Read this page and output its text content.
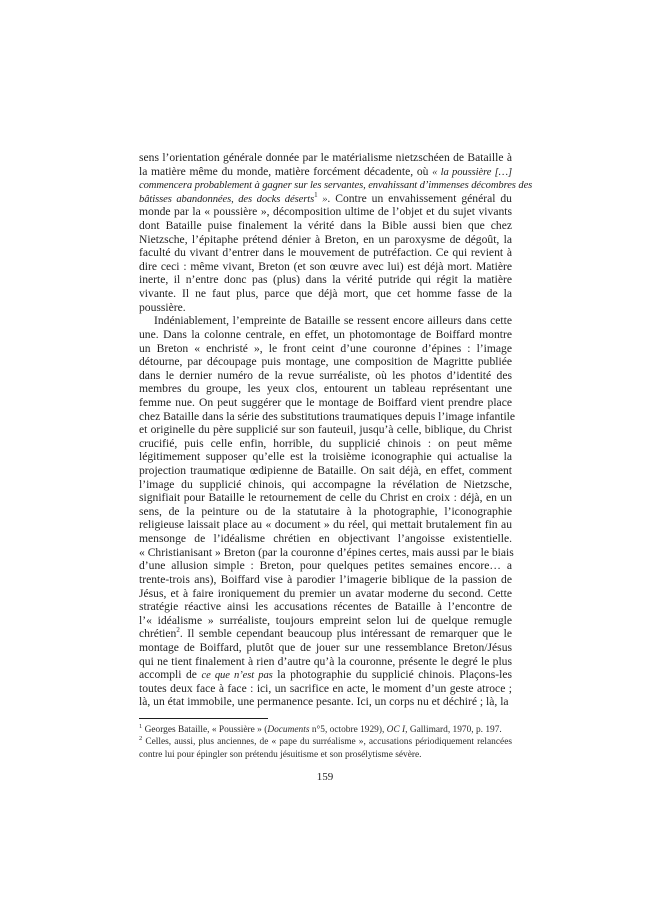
sens l’orientation générale donnée par le matérialisme nietzschéen de Bataille à
la matière même du monde, matière forcément décadente, où « la poussière […]
commencera probablement à gagner sur les servantes, envahissant d’immenses décombres des
bâtisses abandonnées, des docks déserts$^1$ ». Contre un envahissement général du
monde par la « poussière », décomposition ultime de l’objet et du sujet vivants
dont Bataille puise finalement la vérité dans la Bible aussi bien que chez
Nietzsche, l’épitaphe prétend dénier à Breton, en un paroxysme de dégoût, la
faculté du vivant d’entrer dans le mouvement de putréfaction. Ce qui revient à
dire ceci : même vivant, Breton (et son œuvre avec lui) est déjà mort. Matière
inerte, il n’entre donc pas (plus) dans la vérité putride qui régit la matière
vivante. Il ne faut plus, parce que déjà mort, que cet homme fasse de la
poussière.
Indéniablement, l’empreinte de Bataille se ressent encore ailleurs dans cette
une. Dans la colonne centrale, en effet, un photomontage de Boiffard montre
un Breton « enchristé », le front ceint d’une couronne d’épines : l’image
détourne, par découpage puis montage, une composition de Magritte publiée
dans le dernier numéro de la revue surréaliste, où les photos d’identité des
membres du groupe, les yeux clos, entourent un tableau représentant une
femme nue. On peut suggérer que le montage de Boiffard vient prendre place
chez Bataille dans la série des substitutions traumatiques depuis l’image infantile
et originelle du père supplicié sur son fauteuil, jusqu’à celle, biblique, du Christ
crucifié, puis celle enfin, horrible, du supplicié chinois : on peut même
légitimement supposer qu’elle est la troisième iconographie qui actualise la
projection traumatique œdipienne de Bataille. On sait déjà, en effet, comment
l’image du supplicié chinois, qui accompagne la révélation de Nietzsche,
signifiait pour Bataille le retournement de celle du Christ en croix : déjà, en un
sens, de la peinture ou de la statutaire à la photographie, l’iconographie
religieuse laissait place au « document » du réel, qui mettait brutalement fin au
mensonge de l’idéalisme chrétien en objectivant l’angoisse existentielle.
« Christianisant » Breton (par la couronne d’épines certes, mais aussi par le biais
d’une allusion simple : Breton, pour quelques petites semaines encore… a
trente-trois ans), Boiffard vise à parodier l’imagerie biblique de la passion de
Jésus, et à faire ironiquement du premier un avatar moderne du second. Cette
stratégie réactive ainsi les accusations récentes de Bataille à l’encontre de
l’« idéalisme » surréaliste, toujours empreint selon lui de quelque remugle
chrétien$^2$. Il semble cependant beaucoup plus intéressant de remarquer que le
montage de Boiffard, plutôt que de jouer sur une ressemblance Breton/Jésus
qui ne tient finalement à rien d’autre qu’à la couronne, présente le degré le plus
accompli de ce que n’est pas la photographie du supplicié chinois. Plaçons-les
toutes deux face à face : ici, un sacrifice en acte, le moment d’un geste atroce ;
là, un état immobile, une permanence pesante. Ici, un corps nu et déchiré ; là, la
$^1$ Georges Bataille, « Poussière » (Documents n°5, octobre 1929), OC I, Gallimard, 1970, p. 197.
$^2$ Celles, aussi, plus anciennes, de « pape du surréalisme », accusations périodiquement relancées
contre lui pour épingler son prétendu jésuitisme et son prosélytisme sévère.
159
